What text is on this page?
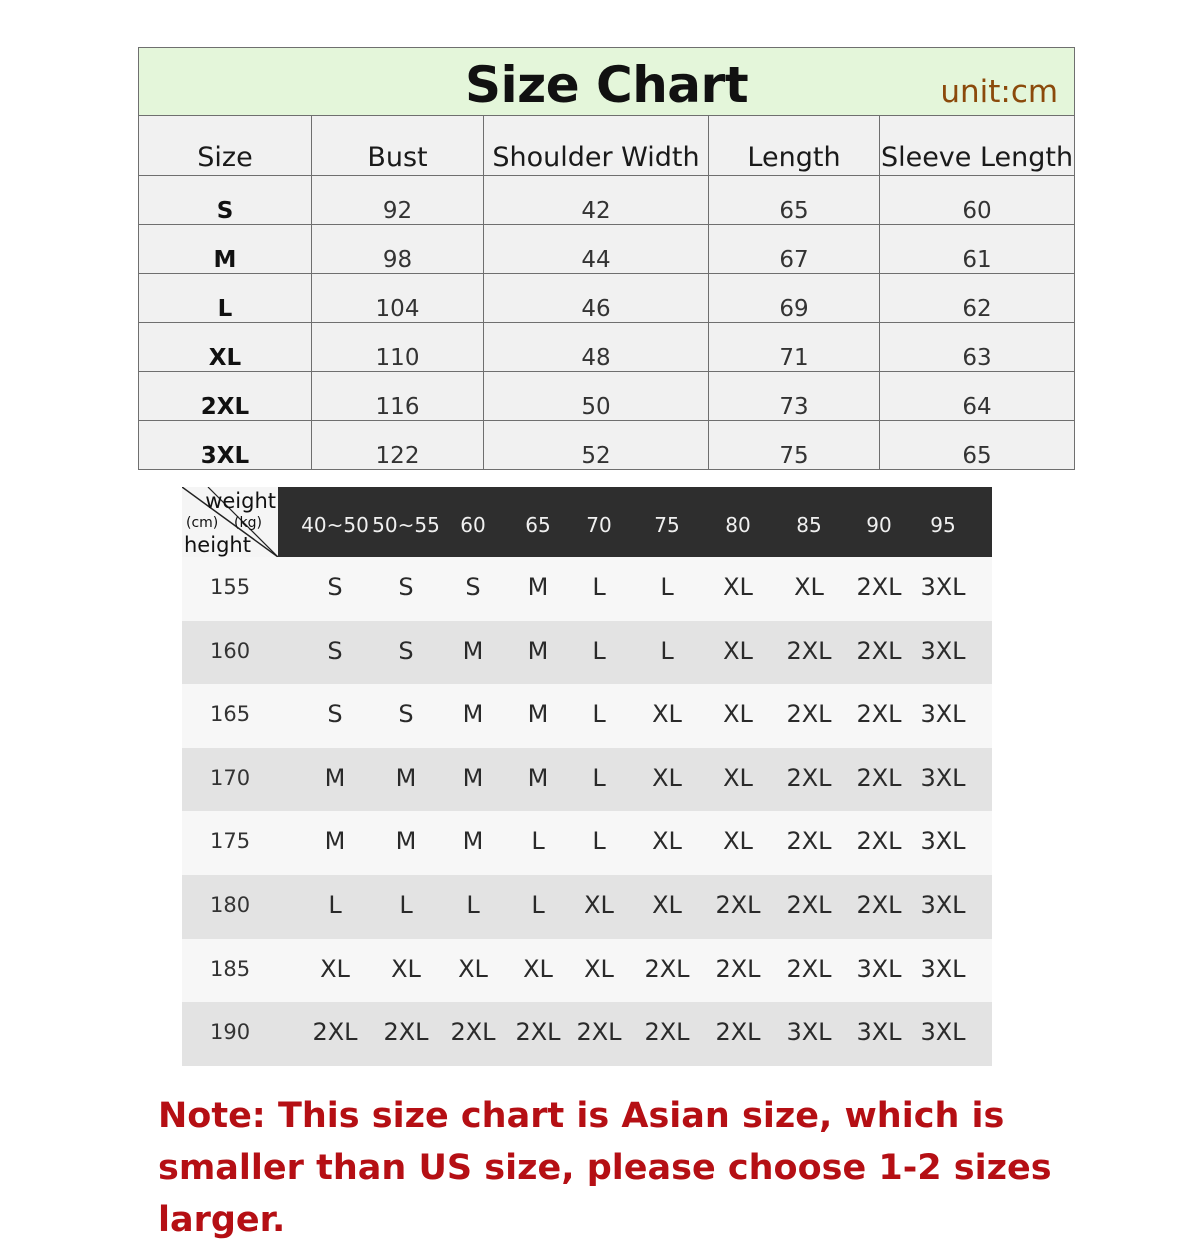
Size Chart unit:cm				

Size	Bust	Shoulder Width	Length	Sleeve Length
S	92	42	65	60
M	98	44	67	61
L	104	46	69	62
XL	110	48	71	63
2XL	116	50	73	64
3XL	122	52	75	65
weight
(cm) (kg)
height
40~50 50~55 60 65 70 75 80 85 90 95
155	S S S M L L XL XL 2XL 3XL
160	S S M M L L XL 2XL 2XL 3XL
165	S S M M L XL XL 2XL 2XL 3XL
170	M M M M L XL XL 2XL 2XL 3XL
175	M M M L L XL XL 2XL 2XL 3XL
180	L L L L XL XL 2XL 2XL 2XL 3XL
185	XL XL XL XL XL 2XL 2XL 2XL 3XL 3XL
190	2XL 2XL 2XL 2XL 2XL 2XL 2XL 3XL 3XL 3XL
Note: This size chart is Asian size, which is smaller than US size, please choose 1-2 sizes larger.
